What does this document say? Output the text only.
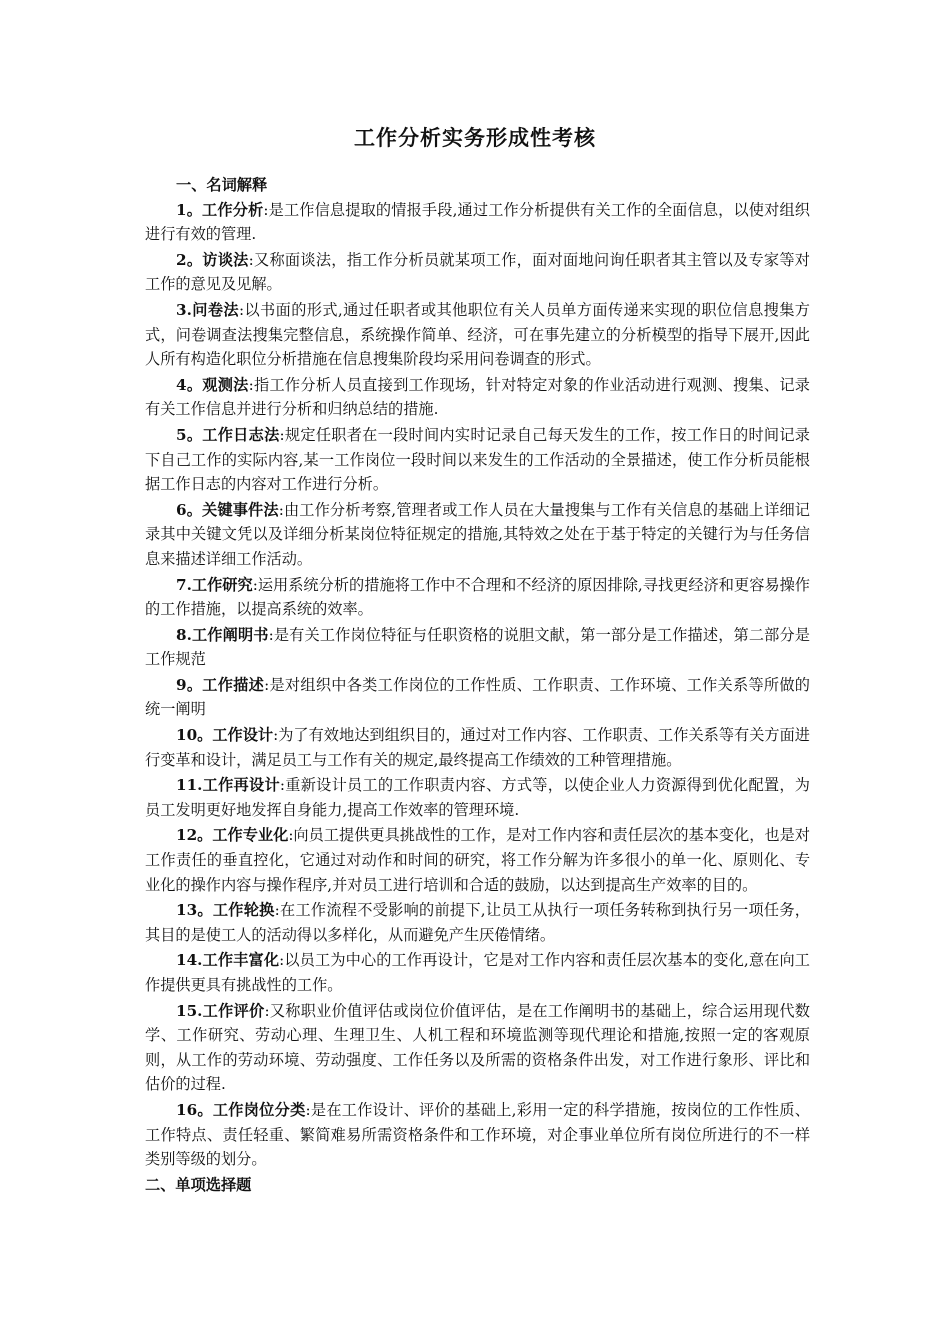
工作分析实务形成性考核

一、名词解释

1。工作分析:是工作信息提取的情报手段,通过工作分析提供有关工作的全面信息，以使对组织进行有效的管理.

2。访谈法:又称面谈法，指工作分析员就某项工作，面对面地问询任职者其主管以及专家等对工作的意见及见解。

3.问卷法:以书面的形式,通过任职者或其他职位有关人员单方面传递来实现的职位信息搜集方式，问卷调查法搜集完整信息，系统操作简单、经济，可在事先建立的分析模型的指导下展开,因此人所有构造化职位分析措施在信息搜集阶段均采用问卷调查的形式。

4。观测法:指工作分析人员直接到工作现场，针对特定对象的作业活动进行观测、搜集、记录有关工作信息并进行分析和归纳总结的措施.

5。工作日志法:规定任职者在一段时间内实时记录自己每天发生的工作，按工作日的时间记录下自己工作的实际内容,某一工作岗位一段时间以来发生的工作活动的全景描述，使工作分析员能根据工作日志的内容对工作进行分析。

6。关键事件法:由工作分析考察,管理者或工作人员在大量搜集与工作有关信息的基础上详细记录其中关键文凭以及详细分析某岗位特征规定的措施,其特效之处在于基于特定的关键行为与任务信息来描述详细工作活动。

7.工作研究:运用系统分析的措施将工作中不合理和不经济的原因排除,寻找更经济和更容易操作的工作措施，以提高系统的效率。

8.工作阐明书:是有关工作岗位特征与任职资格的说胆文献，第一部分是工作描述，第二部分是工作规范

9。工作描述:是对组织中各类工作岗位的工作性质、工作职责、工作环境、工作关系等所做的统一阐明

10。工作设计:为了有效地达到组织目的，通过对工作内容、工作职责、工作关系等有关方面进行变革和设计，满足员工与工作有关的规定,最终提高工作绩效的工种管理措施。

11.工作再设计:重新设计员工的工作职责内容、方式等，以使企业人力资源得到优化配置，为员工发明更好地发挥自身能力,提高工作效率的管理环境.

12。工作专业化:向员工提供更具挑战性的工作，是对工作内容和责任层次的基本变化，也是对工作责任的垂直控化，它通过对动作和时间的研究，将工作分解为许多很小的单一化、原则化、专业化的操作内容与操作程序,并对员工进行培训和合适的鼓励，以达到提高生产效率的目的。

13。工作轮换:在工作流程不受影响的前提下,让员工从执行一项任务转称到执行另一项任务，其目的是使工人的活动得以多样化，从而避免产生厌倦情绪。

14.工作丰富化:以员工为中心的工作再设计，它是对工作内容和责任层次基本的变化,意在向工作提供更具有挑战性的工作。

15.工作评价:又称职业价值评估或岗位价值评估，是在工作阐明书的基础上，综合运用现代数学、工作研究、劳动心理、生理卫生、人机工程和环境监测等现代理论和措施,按照一定的客观原则，从工作的劳动环境、劳动强度、工作任务以及所需的资格条件出发，对工作进行象形、评比和估价的过程.

16。工作岗位分类:是在工作设计、评价的基础上,彩用一定的科学措施，按岗位的工作性质、工作特点、责任轻重、繁简难易所需资格条件和工作环境，对企事业单位所有岗位所进行的不一样类别等级的划分。

二、单项选择题
